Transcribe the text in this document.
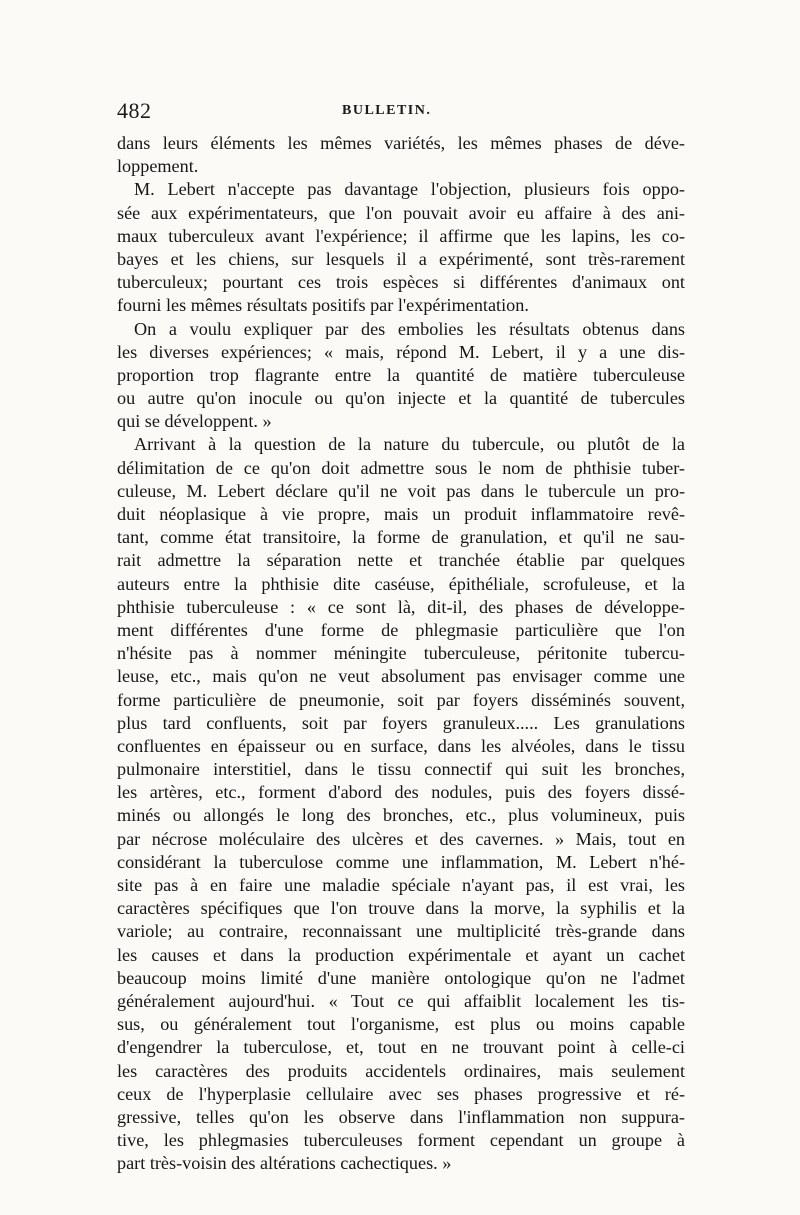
482	BULLETIN.
dans leurs éléments les mêmes variétés, les mêmes phases de déve-
loppement.
M. Lebert n'accepte pas davantage l'objection, plusieurs fois oppo-
sée aux expérimentateurs, que l'on pouvait avoir eu affaire à des ani-
maux tuberculeux avant l'expérience; il affirme que les lapins, les co-
bayes et les chiens, sur lesquels il a expérimenté, sont très-rarement
tuberculeux; pourtant ces trois espèces si différentes d'animaux ont
fourni les mêmes résultats positifs par l'expérimentation.
On a voulu expliquer par des embolies les résultats obtenus dans
les diverses expériences; « mais, répond M. Lebert, il y a une dis-
proportion trop flagrante entre la quantité de matière tuberculeuse
ou autre qu'on inocule ou qu'on injecte et la quantité de tubercules
qui se développent. »
Arrivant à la question de la nature du tubercule, ou plutôt de la
délimitation de ce qu'on doit admettre sous le nom de phthisie tuber-
culeuse, M. Lebert déclare qu'il ne voit pas dans le tubercule un pro-
duit néoplasique à vie propre, mais un produit inflammatoire revê-
tant, comme état transitoire, la forme de granulation, et qu'il ne sau-
rait admettre la séparation nette et tranchée établie par quelques
auteurs entre la phthisie dite caséuse, épithéliale, scrofuleuse, et la
phthisie tuberculeuse : « ce sont là, dit-il, des phases de développe-
ment différentes d'une forme de phlegmasie particulière que l'on
n'hésite pas à nommer méningite tuberculeuse, péritonite tubercu-
leuse, etc., mais qu'on ne veut absolument pas envisager comme une
forme particulière de pneumonie, soit par foyers disséminés souvent,
plus tard confluents, soit par foyers granuleux..... Les granulations
confluentes en épaisseur ou en surface, dans les alvéoles, dans le tissu
pulmonaire interstitiel, dans le tissu connectif qui suit les bronches,
les artères, etc., forment d'abord des nodules, puis des foyers dissé-
minés ou allongés le long des bronches, etc., plus volumineux, puis
par nécrose moléculaire des ulcères et des cavernes. » Mais, tout en
considérant la tuberculose comme une inflammation, M. Lebert n'hé-
site pas à en faire une maladie spéciale n'ayant pas, il est vrai, les
caractères spécifiques que l'on trouve dans la morve, la syphilis et la
variole; au contraire, reconnaissant une multiplicité très-grande dans
les causes et dans la production expérimentale et ayant un cachet
beaucoup moins limité d'une manière ontologique qu'on ne l'admet
généralement aujourd'hui. « Tout ce qui affaiblit localement les tis-
sus, ou généralement tout l'organisme, est plus ou moins capable
d'engendrer la tuberculose, et, tout en ne trouvant point à celle-ci
les caractères des produits accidentels ordinaires, mais seulement
ceux de l'hyperplasie cellulaire avec ses phases progressive et ré-
gressive, telles qu'on les observe dans l'inflammation non suppura-
tive, les phlegmasies tuberculeuses forment cependant un groupe à
part très-voisin des altérations cachectiques. »
